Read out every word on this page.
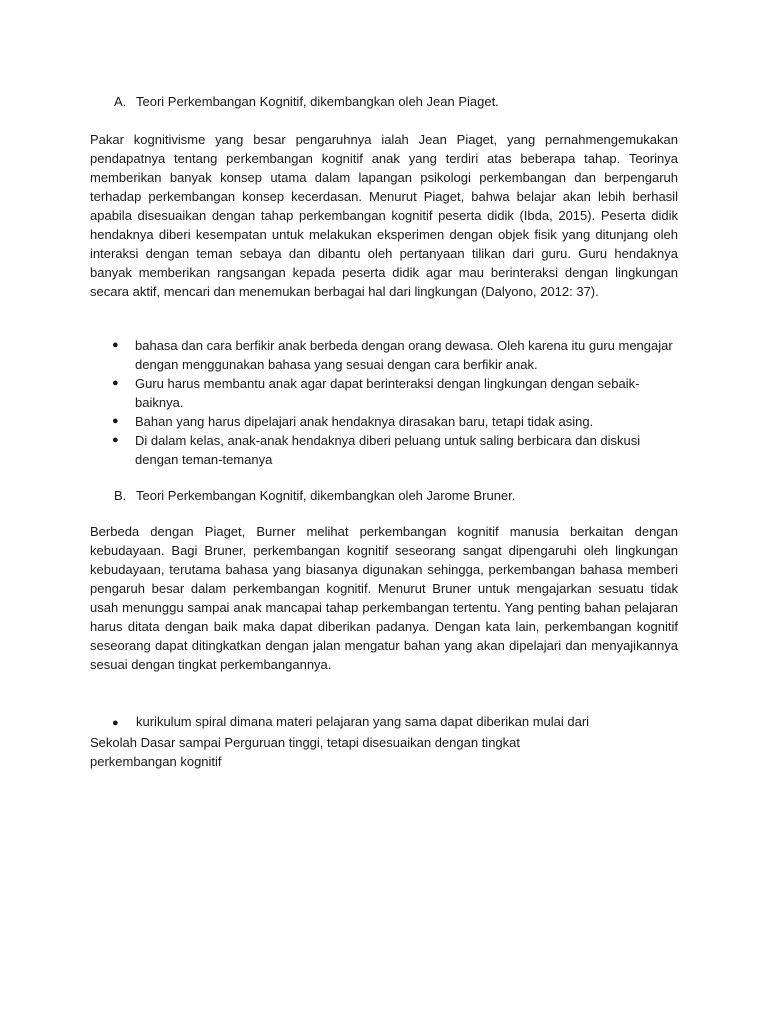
A. Teori Perkembangan Kognitif, dikembangkan oleh Jean Piaget.
Pakar kognitivisme yang besar pengaruhnya ialah Jean Piaget, yang pernahmengemukakan pendapatnya tentang perkembangan kognitif anak yang terdiri atas beberapa tahap. Teorinya memberikan banyak konsep utama dalam lapangan psikologi perkembangan dan berpengaruh terhadap perkembangan konsep kecerdasan. Menurut Piaget, bahwa belajar akan lebih berhasil apabila disesuaikan dengan tahap perkembangan kognitif peserta didik (Ibda, 2015). Peserta didik hendaknya diberi kesempatan untuk melakukan eksperimen dengan objek fisik yang ditunjang oleh interaksi dengan teman sebaya dan dibantu oleh pertanyaan tilikan dari guru. Guru hendaknya banyak memberikan rangsangan kepada peserta didik agar mau berinteraksi dengan lingkungan secara aktif, mencari dan menemukan berbagai hal dari lingkungan (Dalyono, 2012: 37).
●	bahasa dan cara berfikir anak berbeda dengan orang dewasa. Oleh karena itu guru mengajar dengan menggunakan bahasa yang sesuai dengan cara berfikir anak.
●	Guru harus membantu anak agar dapat berinteraksi dengan lingkungan dengan sebaik-baiknya.
●	Bahan yang harus dipelajari anak hendaknya dirasakan baru, tetapi tidak asing.
●	Di dalam kelas, anak-anak hendaknya diberi peluang untuk saling berbicara dan diskusi dengan teman-temanya
B. Teori Perkembangan Kognitif, dikembangkan oleh Jarome Bruner.
Berbeda dengan Piaget, Burner melihat perkembangan kognitif manusia berkaitan dengan kebudayaan. Bagi Bruner, perkembangan kognitif seseorang sangat dipengaruhi oleh lingkungan kebudayaan, terutama bahasa yang biasanya digunakan sehingga, perkembangan bahasa memberi pengaruh besar dalam perkembangan kognitif. Menurut Bruner untuk mengajarkan sesuatu tidak usah menunggu sampai anak mancapai tahap perkembangan tertentu. Yang penting bahan pelajaran harus ditata dengan baik maka dapat diberikan padanya. Dengan kata lain, perkembangan kognitif seseorang dapat ditingkatkan dengan jalan mengatur bahan yang akan dipelajari dan menyajikannya sesuai dengan tingkat perkembangannya.
● kurikulum spiral dimana materi pelajaran yang sama dapat diberikan mulai dari
Sekolah Dasar sampai Perguruan tinggi, tetapi disesuaikan dengan tingkat
perkembangan kognitif
